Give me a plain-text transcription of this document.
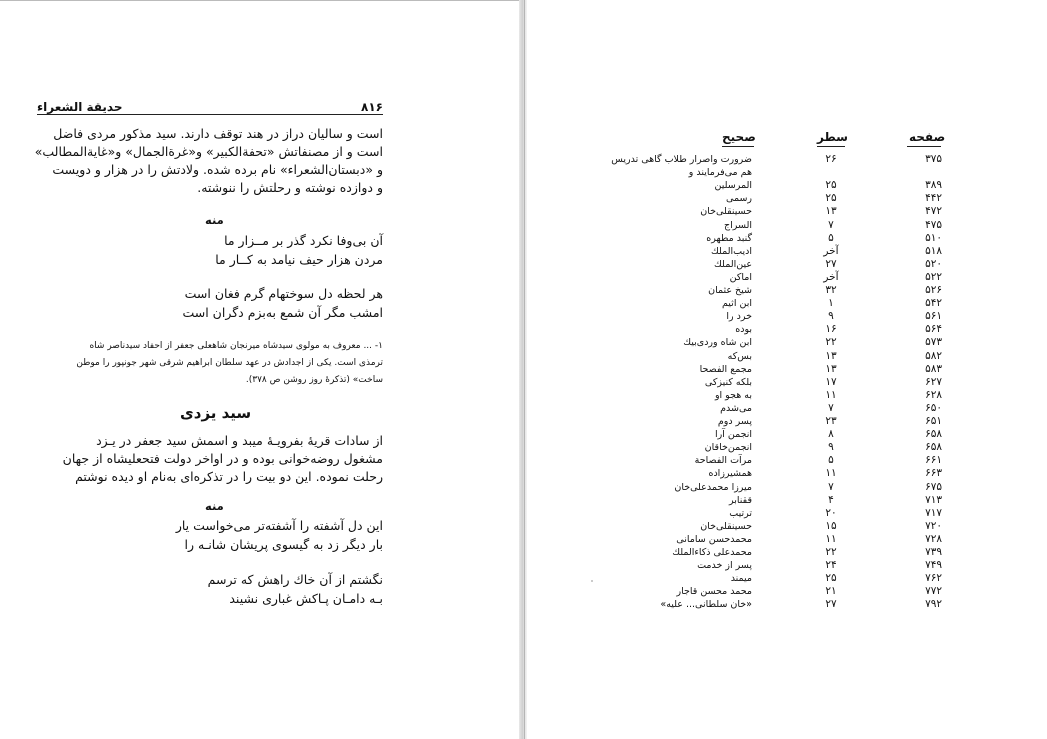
حدیقة الشعراء	۸۱۶
است و سالیان دراز در هند توقف دارند. سید مذکور مردی فاضل
است و از مصنفاتش «تحفة‌الکبیر» و«غرة‌الجمال» و«غایة‌المطالب»
و «دبستان‌الشعراء» نام برده شده. ولادتش را در هزار و دویست
و دوازده نوشته و رحلتش را ننوشته.
منه
آن بی‌وفا نکرد گذر بر مــزار ما
مردن هزار حیف نیامد به کــار ما
هر لحظه دل سوختهام گرم فغان است
امشب مگر آن شمع به‌بزم دگران است
۱- ... معروف به مولوی سیدشاه میرنجان شاهعلی جعفر از احفاد سیدناصر شاه
ترمذی است. یکی از اجدادش در عهد سلطان ابراهیم شرقی شهر جونپور را موطن
ساخت» (تذکرهٔ روز روشن ص ۳۷۸).
سید یزدی
از سادات قریهٔ بفرویـهٔ میبد و اسمش سید جعفر در یـزد
مشغول روضه‌خوانی بوده و در اواخر دولت فتحعلیشاه از جهان
رحلت نموده. این دو بیت را در تذکره‌ای به‌نام او دیده نوشتم
منه
این دل آشفته را آشفته‌تر می‌خواست یار
بار دیگر زد به گیسوی پریشان شانـه را
نگشتم از آن خاك راهش که ترسم
بـه دامـان پـاکش غباری نشیند
صفحه
سطر
صحیح
۳۷۵
۲۶
ضرورت واصرار طلاب گاهی تدریس
هم می‌فرمایند و
۳۸۹
۲۵
المرسلین
۴۴۲
۲۵
رسمی
۴۷۲
۱۳
حسینقلی‌خان
۴۷۵
۷
السراج
۵۱۰
۵
گنبد مطهره
۵۱۸
آخر
ادیب‌الملك
۵۲۰
۲۷
عین‌الملك
۵۲۲
آخر
اماکن
۵۲۶
۳۲
شیخ عثمان
۵۴۲
۱
ابن اثیم
۵۶۱
۹
خرد را
۵۶۴
۱۶
بوده
۵۷۳
۲۲
ابن شاه وردی‌بیك
۵۸۲
۱۳
بس‌که
۵۸۳
۱۳
مجمع الفصحا
۶۲۷
۱۷
بلکه کنیزکی
۶۲۸
۱۱
به هجو او
۶۵۰
۷
می‌شدم
۶۵۱
۲۳
پسر دوم
۶۵۸
۸
انجمن آرا
۶۵۸
۹
انجمن‌خاقان
۶۶۱
۵
مرآت الفصاحة
۶۶۳
۱۱
همشیرزاده
۶۷۵
۷
میرزا محمدعلی‌خان
۷۱۳
۴
ققنابر
۷۱۷
۲۰
ترتیب
۷۲۰
۱۵
حسینقلی‌خان
۷۲۸
۱۱
محمدحسن سامانی
۷۳۹
۲۲
محمدعلی ذکاءالملك
۷۴۹
۲۴
پسر از خدمت
۷۶۲
۲۵
میمند
۷۷۲
۲۱
محمد محسن قاجار
۷۹۲
۲۷
«خان سلطانی... علیه»
